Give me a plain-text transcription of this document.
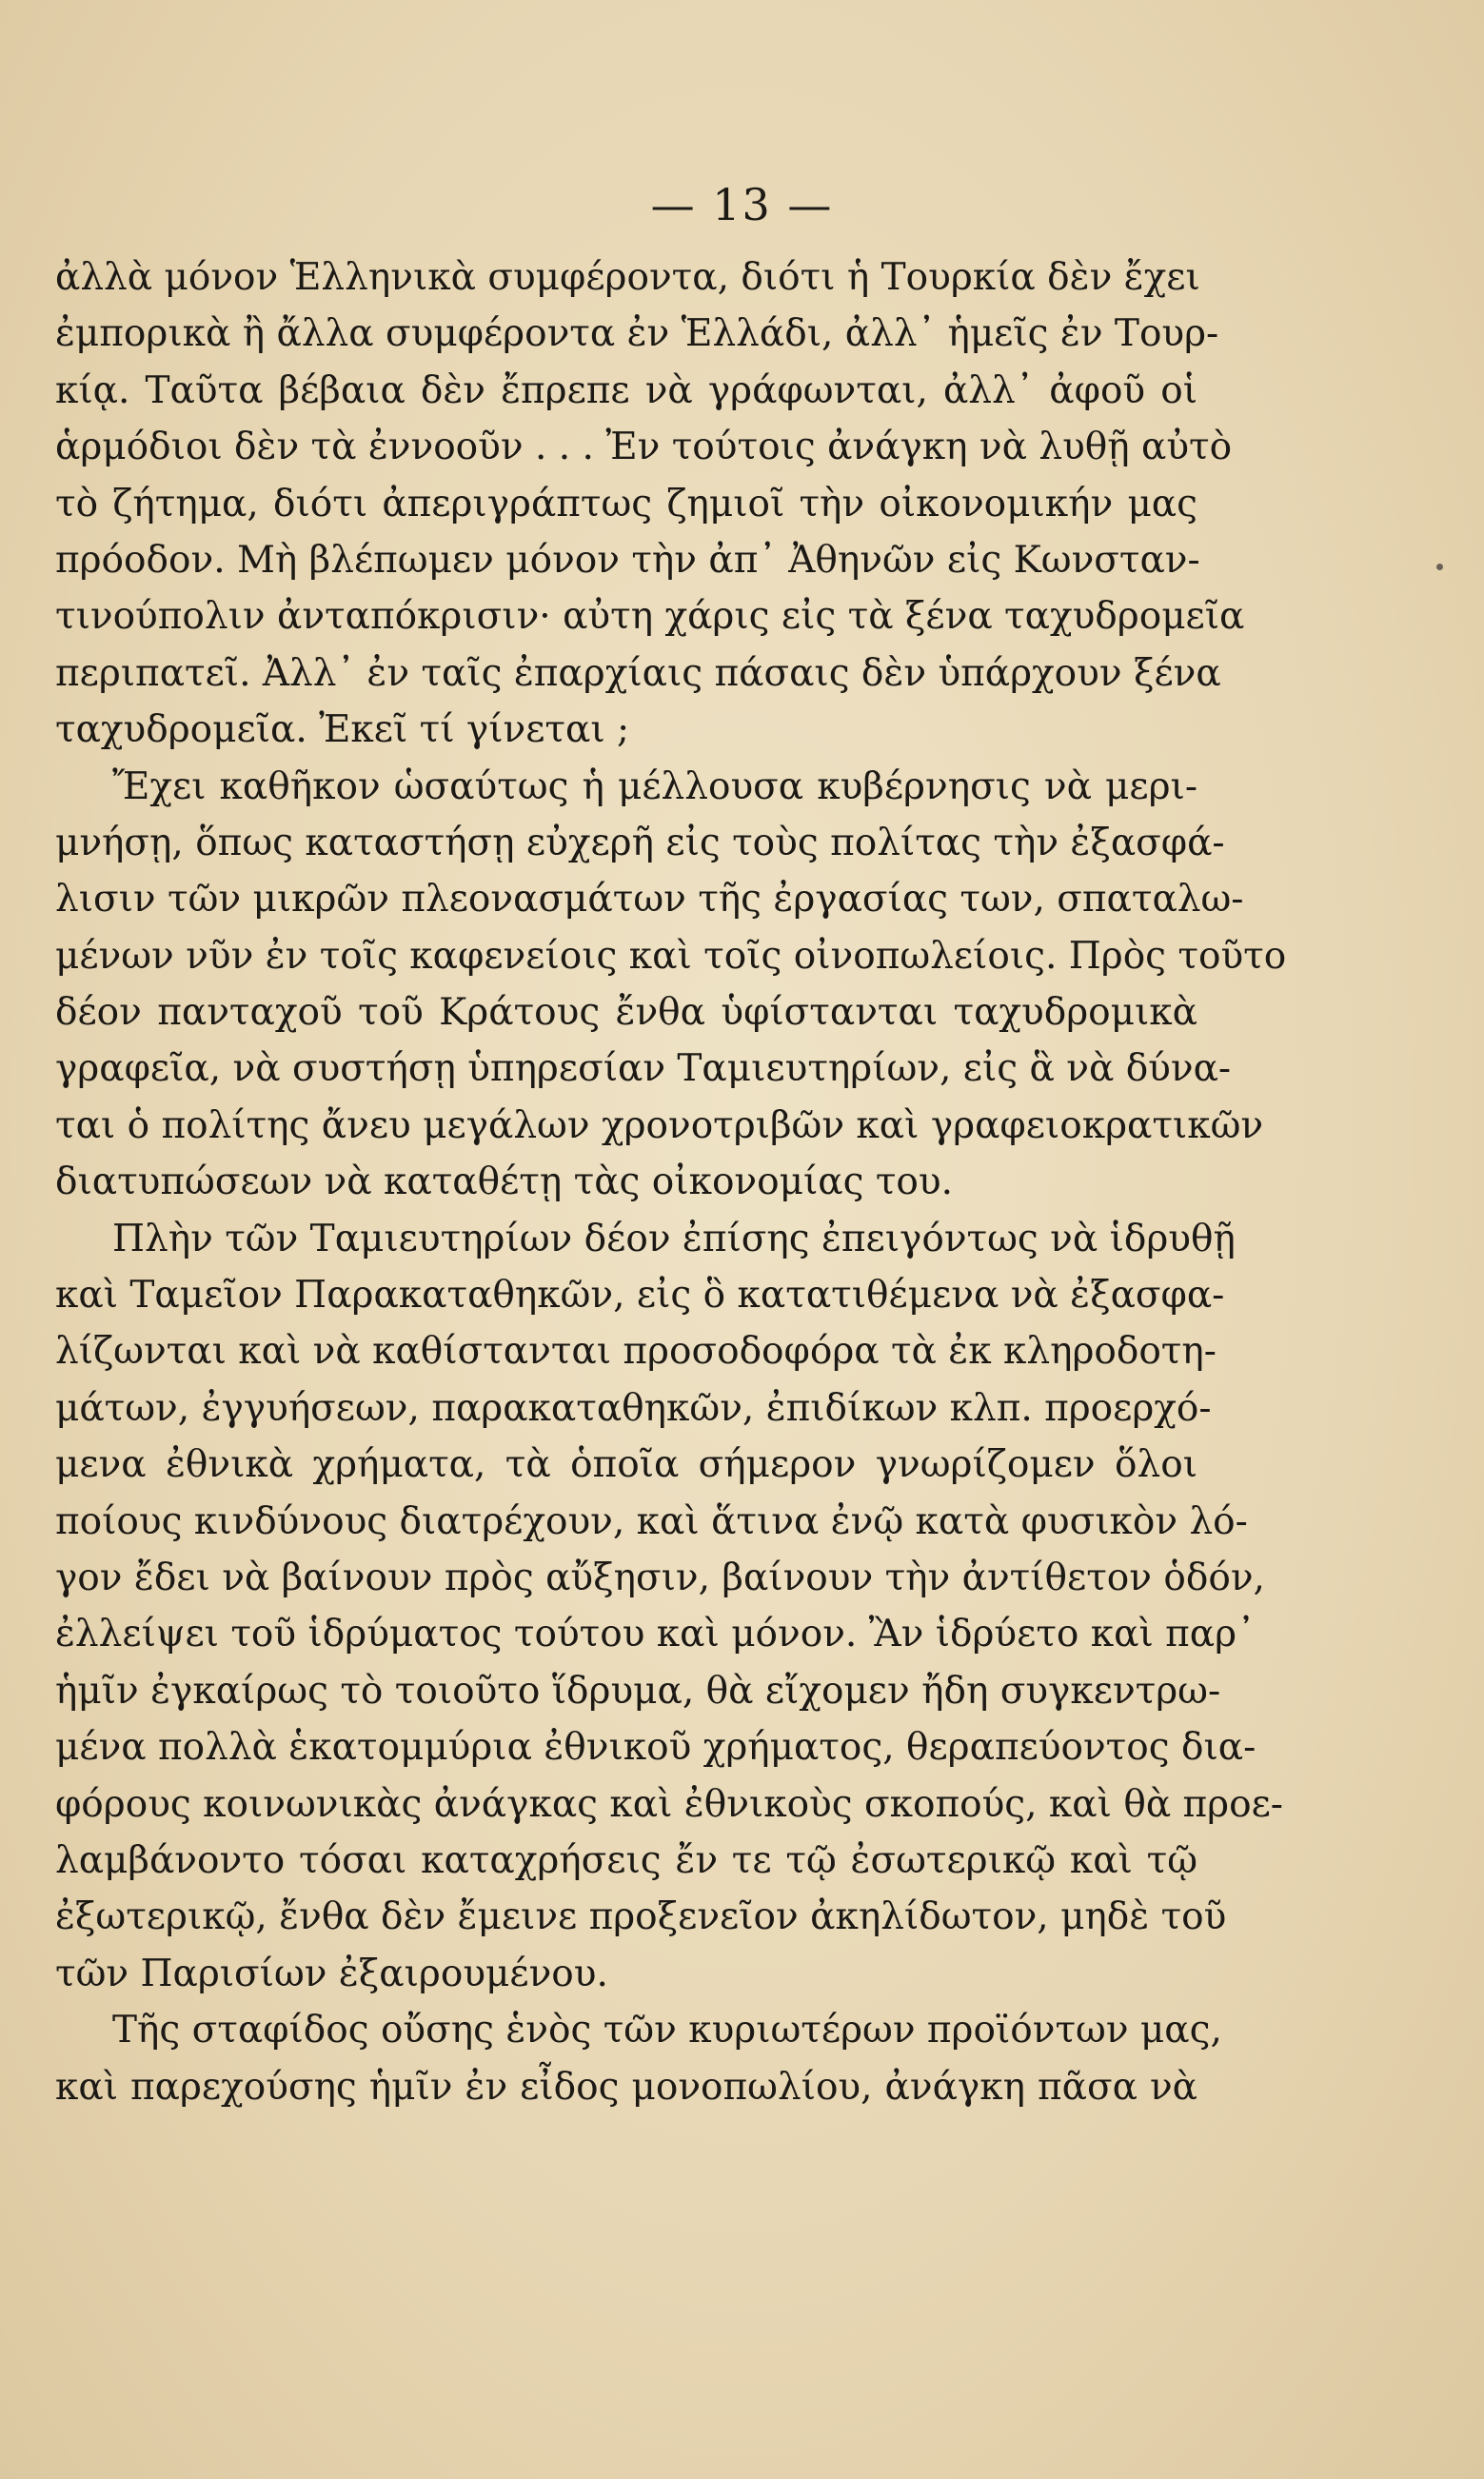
— 13 —
ἀλλὰ μόνον Ἑλληνικὰ συμφέροντα, διότι ἡ Τουρκία δὲν ἔχει
ἐμπορικὰ ἢ ἄλλα συμφέροντα ἐν Ἑλλάδι, ἀλλ᾽ ἡμεῖς ἐν Τουρ-
κίᾳ. Ταῦτα βέβαια δὲν ἔπρεπε νὰ γράφωνται, ἀλλ᾽ ἀφοῦ οἱ
ἁρμόδιοι δὲν τὰ ἐννοοῦν . . . Ἐν τούτοις ἀνάγκη νὰ λυθῇ αὐτὸ
τὸ ζήτημα, διότι ἀπεριγράπτως ζημιοῖ τὴν οἰκονομικήν μας
πρόοδον. Μὴ βλέπωμεν μόνον τὴν ἀπ᾽ Ἀθηνῶν εἰς Κωνσταν-
τινούπολιν ἀνταπόκρισιν· αὐτη χάρις εἰς τὰ ξένα ταχυδρομεῖα
περιπατεῖ. Ἀλλ᾽ ἐν ταῖς ἐπαρχίαις πάσαις δὲν ὑπάρχουν ξένα
ταχυδρομεῖα. Ἐκεῖ τί γίνεται ;
Ἔχει καθῆκον ὡσαύτως ἡ μέλλουσα κυβέρνησις νὰ μερι-
μνήσῃ, ὅπως καταστήσῃ εὐχερῆ εἰς τοὺς πολίτας τὴν ἐξασφά-
λισιν τῶν μικρῶν πλεονασμάτων τῆς ἐργασίας των, σπαταλω-
μένων νῦν ἐν τοῖς καφενείοις καὶ τοῖς οἰνοπωλείοις. Πρὸς τοῦτο
δέον πανταχοῦ τοῦ Κράτους ἔνθα ὑφίστανται ταχυδρομικὰ
γραφεῖα, νὰ συστήσῃ ὑπηρεσίαν Ταμιευτηρίων, εἰς ἃ νὰ δύνα-
ται ὁ πολίτης ἄνευ μεγάλων χρονοτριβῶν καὶ γραφειοκρατικῶν
διατυπώσεων νὰ καταθέτῃ τὰς οἰκονομίας του.
Πλὴν τῶν Ταμιευτηρίων δέον ἐπίσης ἐπειγόντως νὰ ἱδρυθῇ
καὶ Ταμεῖον Παρακαταθηκῶν, εἰς ὃ κατατιθέμενα νὰ ἐξασφα-
λίζωνται καὶ νὰ καθίστανται προσοδοφόρα τὰ ἐκ κληροδοτη-
μάτων, ἐγγυήσεων, παρακαταθηκῶν, ἐπιδίκων κλπ. προερχό-
μενα ἐθνικὰ χρήματα, τὰ ὁποῖα σήμερον γνωρίζομεν ὅλοι
ποίους κινδύνους διατρέχουν, καὶ ἅτινα ἐνῷ κατὰ φυσικὸν λό-
γον ἔδει νὰ βαίνουν πρὸς αὔξησιν, βαίνουν τὴν ἀντίθετον ὁδόν,
ἐλλείψει τοῦ ἱδρύματος τούτου καὶ μόνον. Ἂν ἱδρύετο καὶ παρ᾽
ἡμῖν ἐγκαίρως τὸ τοιοῦτο ἵδρυμα, θὰ εἴχομεν ἤδη συγκεντρω-
μένα πολλὰ ἑκατομμύρια ἐθνικοῦ χρήματος, θεραπεύοντος δια-
φόρους κοινωνικὰς ἀνάγκας καὶ ἐθνικοὺς σκοπούς, καὶ θὰ προε-
λαμβάνοντο τόσαι καταχρήσεις ἔν τε τῷ ἐσωτερικῷ καὶ τῷ
ἐξωτερικῷ, ἔνθα δὲν ἔμεινε προξενεῖον ἀκηλίδωτον, μηδὲ τοῦ
τῶν Παρισίων ἐξαιρουμένου.
Τῆς σταφίδος οὔσης ἑνὸς τῶν κυριωτέρων προϊόντων μας,
καὶ παρεχούσης ἡμῖν ἐν εἶδος μονοπωλίου, ἀνάγκη πᾶσα νὰ
